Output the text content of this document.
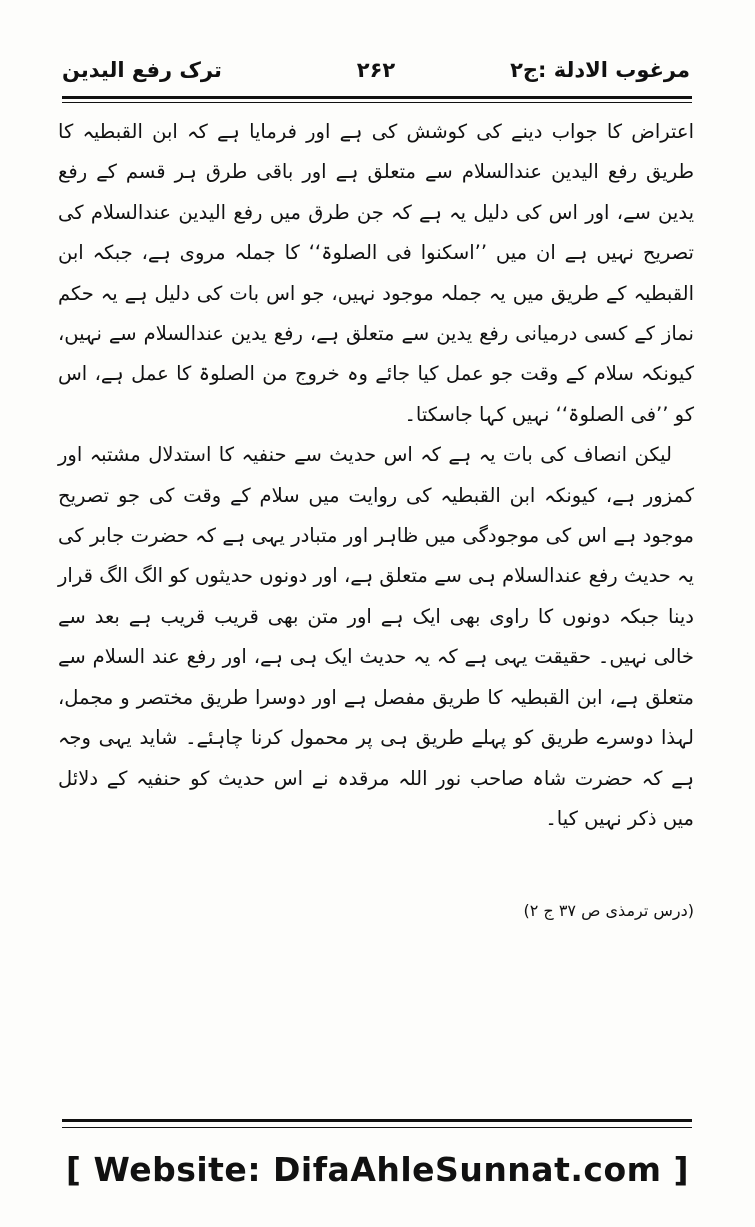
مرغوب الادلة :ج۲
۲۶۲
ترک رفع الیدین

اعتراض کا جواب دینے کی کوشش کی ہے اور فرمایا ہے کہ ابن القبطیہ کا طریق رفع الیدین عندالسلام سے متعلق ہے اور باقی طرق ہر قسم کے رفع یدین سے، اور اس کی دلیل یہ ہے کہ جن طرق میں رفع الیدین عندالسلام کی تصریح نہیں ہے ان میں ’’اسکنوا فی الصلوۃ‘‘ کا جملہ مروی ہے، جبکہ ابن القبطیہ کے طریق میں یہ جملہ موجود نہیں، جو اس بات کی دلیل ہے یہ حکم نماز کے کسی درمیانی رفع یدین سے متعلق ہے، رفع یدین عندالسلام سے نہیں، کیونکہ سلام کے وقت جو عمل کیا جائے وہ خروج من الصلوۃ کا عمل ہے، اس کو ’’فی الصلوۃ‘‘ نہیں کہا جاسکتا۔

لیکن انصاف کی بات یہ ہے کہ اس حدیث سے حنفیہ کا استدلال مشتبہ اور کمزور ہے، کیونکہ ابن القبطیہ کی روایت میں سلام کے وقت کی جو تصریح موجود ہے اس کی موجودگی میں ظاہر اور متبادر یہی ہے کہ حضرت جابر کی یہ حدیث رفع عندالسلام ہی سے متعلق ہے، اور دونوں حدیثوں کو الگ الگ قرار دینا جبکہ دونوں کا راوی بھی ایک ہے اور متن بھی قریب قریب ہے بعد سے خالی نہیں۔ حقیقت یہی ہے کہ یہ حدیث ایک ہی ہے، اور رفع عند السلام سے متعلق ہے، ابن القبطیہ کا طریق مفصل ہے اور دوسرا طریق مختصر و مجمل، لہذا دوسرے طریق کو پہلے طریق ہی پر محمول کرنا چاہئے۔ شاید یہی وجہ ہے کہ حضرت شاہ صاحب نور اللہ مرقدہ نے اس حدیث کو حنفیہ کے دلائل میں ذکر نہیں کیا۔

(درس ترمذی ص ۳۷ ج ۲)
[ Website: DifaAhleSunnat.com ]
